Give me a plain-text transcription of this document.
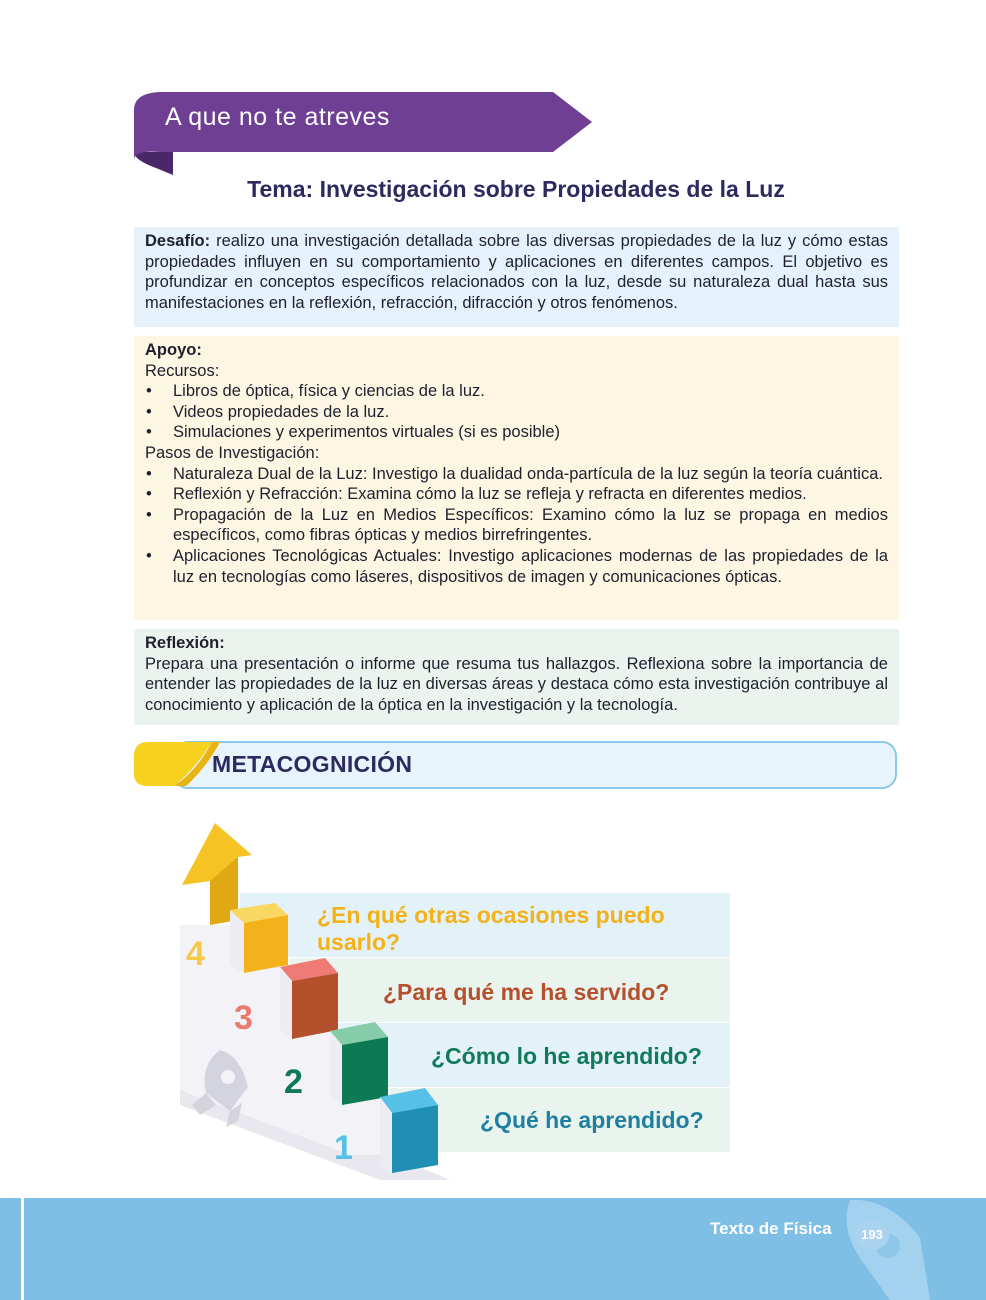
A que no te atreves
Tema: Investigación sobre Propiedades de la Luz
Desafío: realizo una investigación detallada sobre las diversas propiedades de la luz y cómo estas propiedades influyen en su comportamiento y aplicaciones en diferentes campos. El objetivo es profundizar en conceptos específicos relacionados con la luz, desde su naturaleza dual hasta sus manifestaciones en la reflexión, refracción, difracción y otros fenómenos.
Apoyo:
Recursos:
• Libros de óptica, física y ciencias de la luz.
• Videos propiedades de la luz.
• Simulaciones y experimentos virtuales (si es posible)
Pasos de Investigación:
• Naturaleza Dual de la Luz: Investigo la dualidad onda-partícula de la luz según la teoría cuántica.
• Reflexión y Refracción: Examina cómo la luz se refleja y refracta en diferentes medios.
• Propagación de la Luz en Medios Específicos: Examino cómo la luz se propaga en medios específicos, como fibras ópticas y medios birrefringentes.
• Aplicaciones Tecnológicas Actuales: Investigo aplicaciones modernas de las propiedades de la luz en tecnologías como láseres, dispositivos de imagen y comunicaciones ópticas.
Reflexión:
Prepara una presentación o informe que resuma tus hallazgos. Reflexiona sobre la importancia de entender las propiedades de la luz en diversas áreas y destaca cómo esta investigación contribuye al conocimiento y aplicación de la óptica en la investigación y la tecnología.
METACOGNICIÓN
4
3
2
1
¿En qué otras ocasiones puedo usarlo?
¿Para qué me ha servido?
¿Cómo lo he aprendido?
¿Qué he aprendido?
Texto de Física	193
